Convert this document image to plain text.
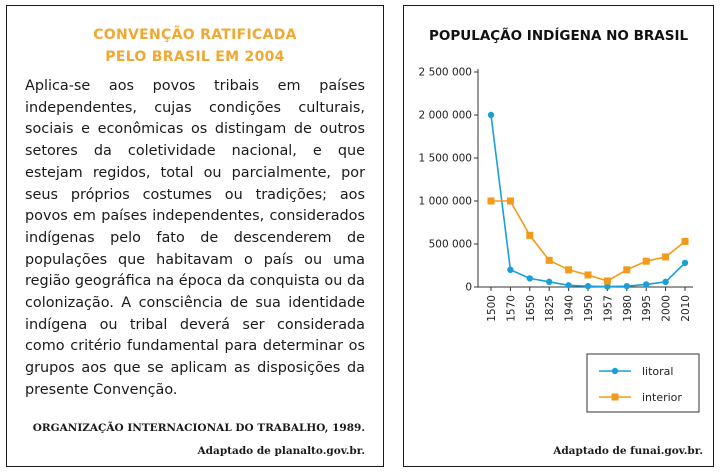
CONVENÇÃO RATIFICADA
PELO BRASIL EM 2004
Aplica-se aos povos tribais em países independentes, cujas condições culturais, sociais e econômicas os distingam de outros setores da coletividade nacional, e que estejam regidos, total ou parcialmente, por seus próprios costumes ou tradições; aos povos em países independentes, considerados indígenas pelo fato de descenderem de populações que habitavam o país ou uma região geográfica na época da conquista ou da colonização. A consciência de sua identidade indígena ou tribal deverá ser considerada como critério fundamental para determinar os grupos aos que se aplicam as disposições da presente Convenção.
ORGANIZAÇÃO INTERNACIONAL DO TRABALHO, 1989.
Adaptado de planalto.gov.br.
POPULAÇÃO INDÍGENA NO BRASIL
0
500 000
1 000 000
1 500 000
2 000 000
2 500 000
1500 1570 1650 1825 1940 1950 1957 1980 1995 2000 2010
litoral
interior
Adaptado de funai.gov.br.
